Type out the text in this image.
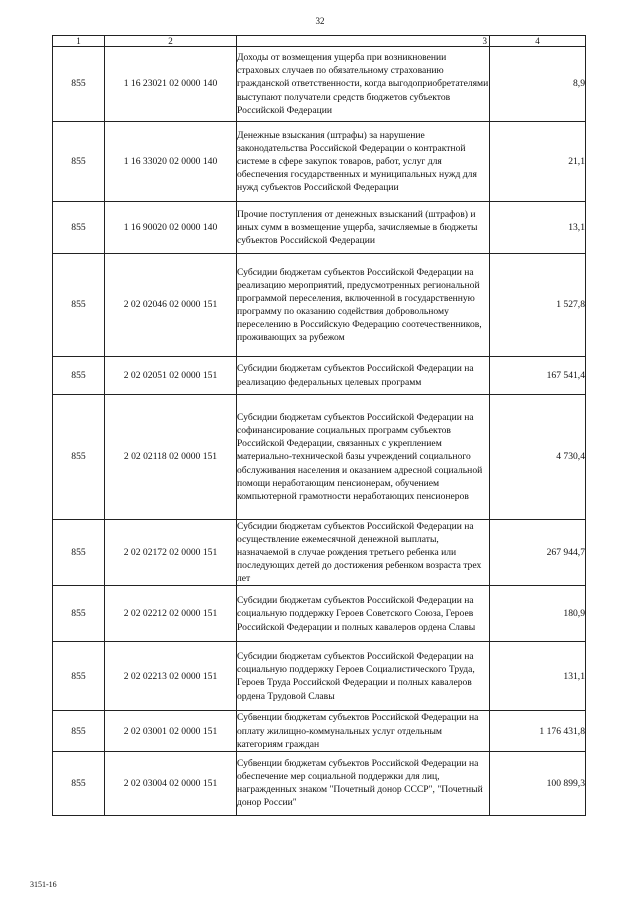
32
1	2	3	4
855	1 16 23021 02 0000 140	Доходы от возмещения ущерба при возникновении страховых случаев по обязательному страхованию гражданской ответственности, когда выгодоприобретателями выступают получатели средств бюджетов субъектов Российской Федерации	8,9
855	1 16 33020 02 0000 140	Денежные взыскания (штрафы) за нарушение законодательства Российской Федерации о контрактной системе в сфере закупок товаров, работ, услуг для обеспечения государственных и муниципальных нужд для нужд субъектов Российской Федерации	21,1
855	1 16 90020 02 0000 140	Прочие поступления от денежных взысканий (штрафов) и иных сумм в возмещение ущерба, зачисляемые в бюджеты субъектов Российской Федерации	13,1
855	2 02 02046 02 0000 151	Субсидии бюджетам субъектов Российской Федерации на реализацию мероприятий, предусмотренных региональной программой переселения, включенной в государственную программу по оказанию содействия добровольному переселению в Российскую Федерацию соотечественников, проживающих за рубежом	1 527,8
855	2 02 02051 02 0000 151	Субсидии бюджетам субъектов Российской Федерации на реализацию федеральных целевых программ	167 541,4
855	2 02 02118 02 0000 151	Субсидии бюджетам субъектов Российской Федерации на софинансирование социальных программ субъектов Российской Федерации, связанных с укреплением материально-технической базы учреждений социального обслуживания населения и оказанием адресной социальной помощи неработающим пенсионерам, обучением компьютерной грамотности неработающих пенсионеров	4 730,4
855	2 02 02172 02 0000 151	Субсидии бюджетам субъектов Российской Федерации на осуществление ежемесячной денежной выплаты, назначаемой в случае рождения третьего ребенка или последующих детей до достижения ребенком возраста трех лет	267 944,7
855	2 02 02212 02 0000 151	Субсидии бюджетам субъектов Российской Федерации на социальную поддержку Героев Советского Союза, Героев Российской Федерации и полных кавалеров ордена Славы	180,9
855	2 02 02213 02 0000 151	Субсидии бюджетам субъектов Российской Федерации на социальную поддержку Героев Социалистического Труда, Героев Труда Российской Федерации и полных кавалеров ордена Трудовой Славы	131,1
855	2 02 03001 02 0000 151	Субвенции бюджетам субъектов Российской Федерации на оплату жилищно-коммунальных услуг отдельным категориям граждан	1 176 431,8
855	2 02 03004 02 0000 151	Субвенции бюджетам субъектов Российской Федерации на обеспечение мер социальной поддержки для лиц, награжденных знаком "Почетный донор СССР", "Почетный донор России"	100 899,3
3151-16
